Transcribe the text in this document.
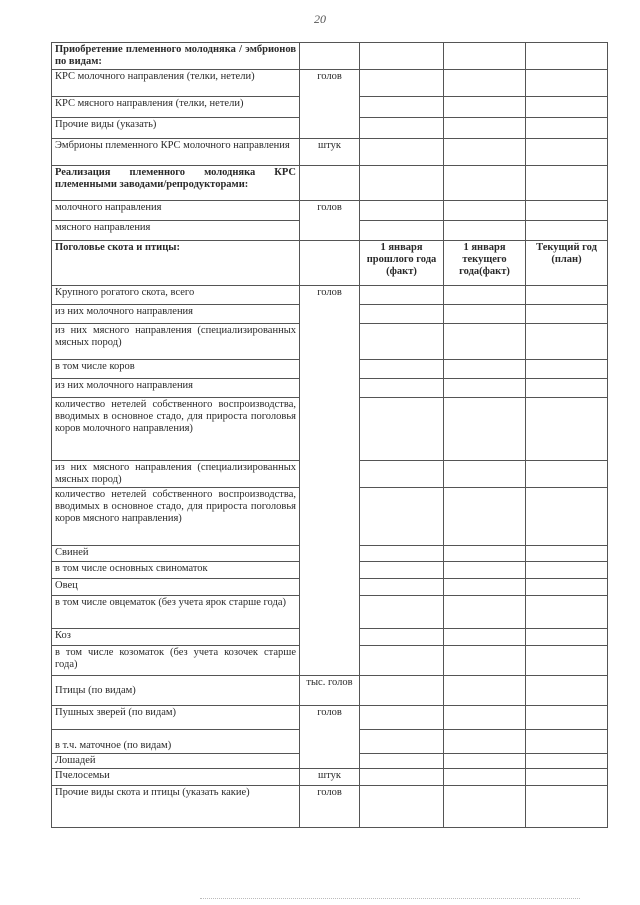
20
Приобретение племенного молодняка / эмбрионов по видам:				
КРС молочного направления (телки, нетели)	голов			
КРС мясного направления (телки, нетели)				
Прочие виды (указать)				
Эмбрионы племенного КРС молочного направления	штук			
Реализация племенного молодняка КРС племенными заводами/репродукторами:				
молочного направления	голов			
мясного направления				
Поголовье скота и птицы:		1 января прошлого года (факт)	1 января текущего года(факт)	Текущий год (план)
Крупного рогатого скота, всего	голов			
из них молочного направления				
из них мясного направления (специализированных мясных пород)				
в том числе коров				
из них молочного направления				
количество нетелей собственного воспроизводства, вводимых в основное стадо, для прироста поголовья коров молочного направления)				
из них мясного направления (специализированных мясных пород)				
количество нетелей собственного воспроизводства, вводимых в основное стадо, для прироста поголовья коров мясного направления)				
Свиней				
в том числе основных свиноматок				
Овец				
в том числе овцематок (без учета ярок старше года)				
Коз				
в том числе козоматок (без учета козочек старше года)				
Птицы (по видам)	тыс. голов			
Пушных зверей (по видам)	голов			
в т.ч. маточное (по видам)				
Лошадей				
Пчелосемьи	штук			
Прочие виды скота и птицы (указать какие)	голов			
